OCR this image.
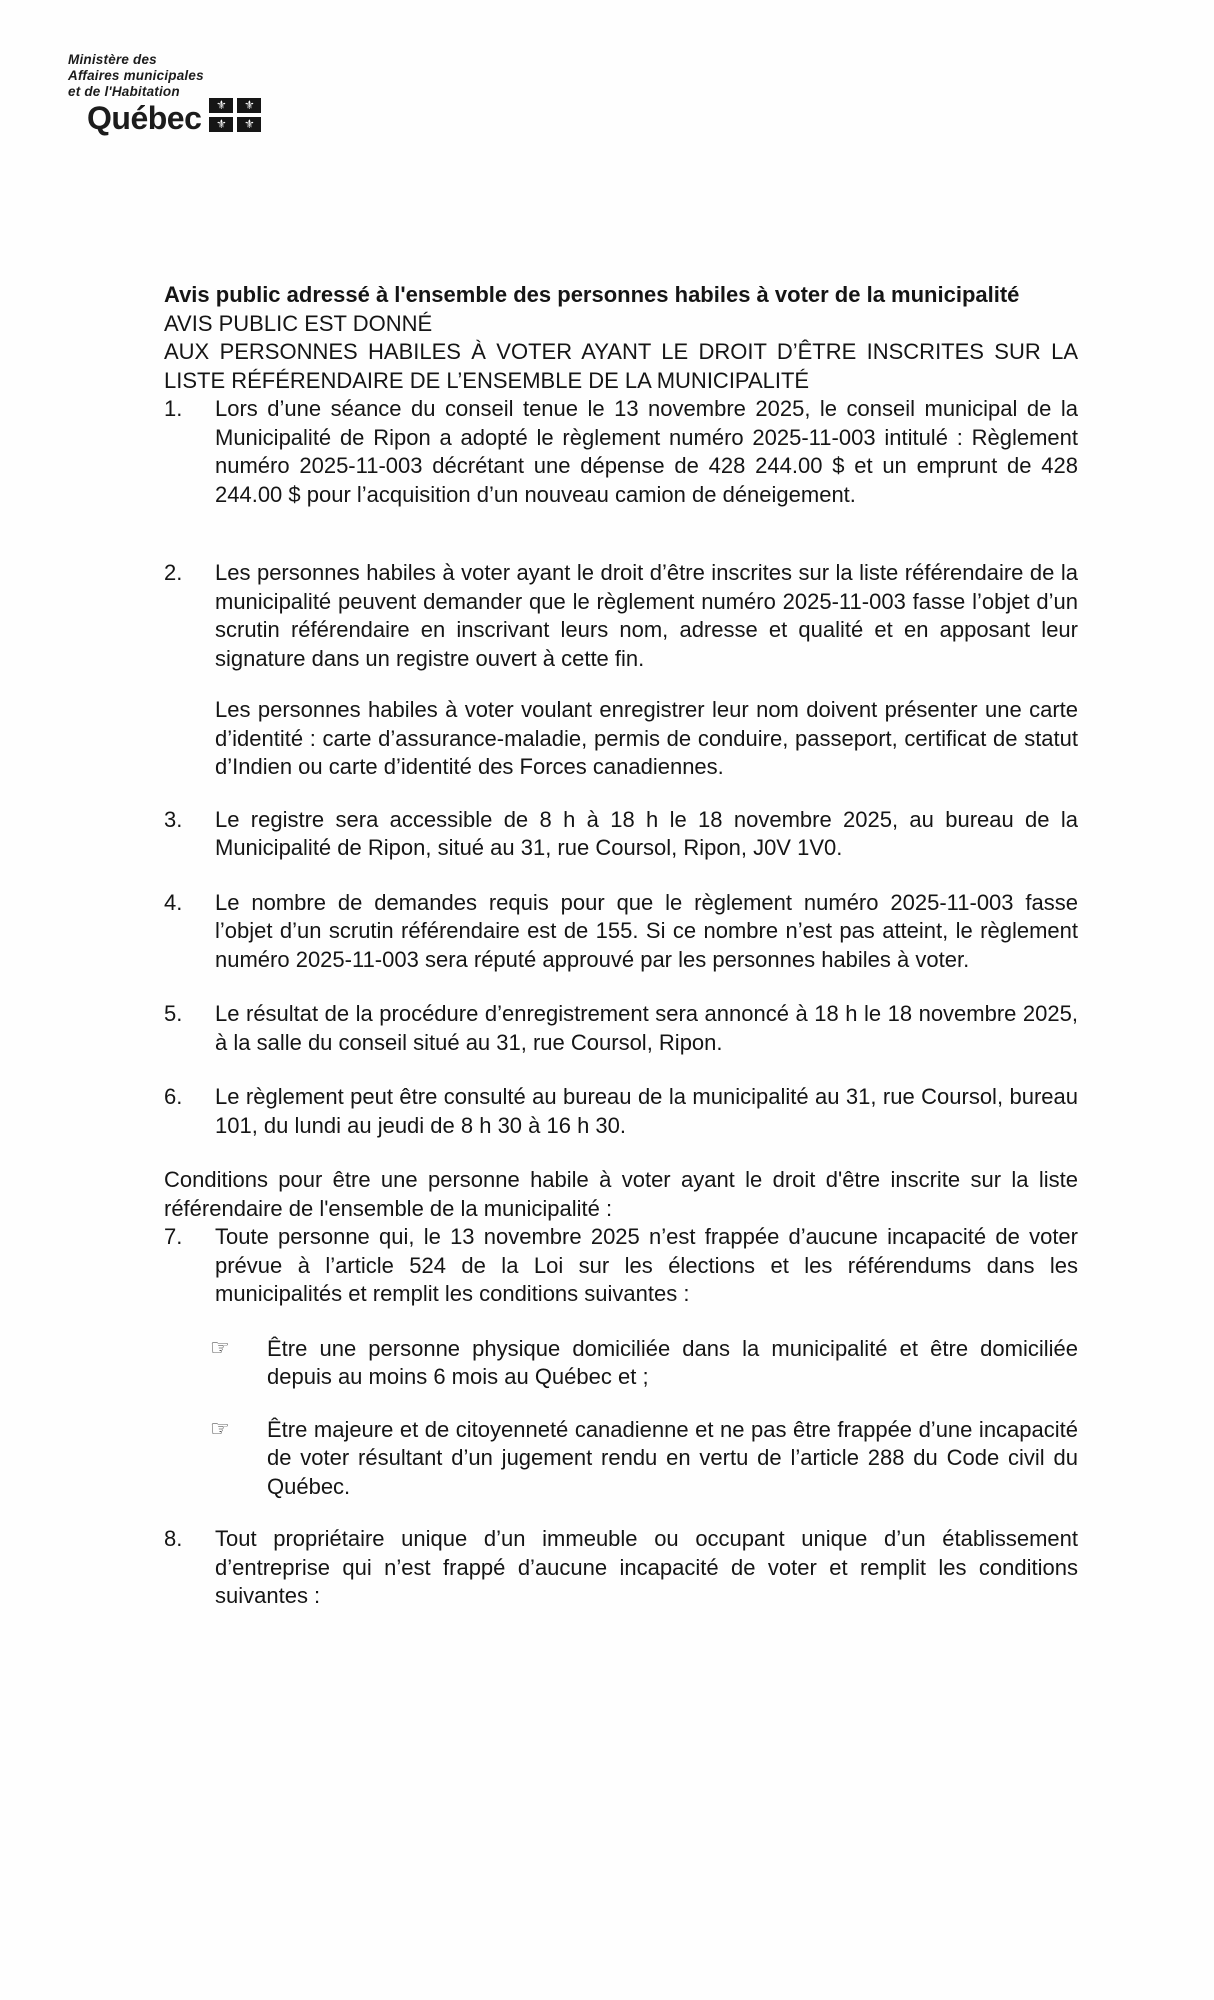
Ministère des
Affaires municipales
et de l'Habitation
Québec	⚜	⚜
⚜	⚜

Avis public adressé à l'ensemble des personnes habiles à voter de la municipalité

AVIS PUBLIC EST DONNÉ

AUX PERSONNES HABILES À VOTER AYANT LE DROIT D’ÊTRE INSCRITES SUR LA LISTE RÉFÉRENDAIRE DE L’ENSEMBLE DE LA MUNICIPALITÉ

1.	Lors d’une séance du conseil tenue le 13 novembre 2025, le conseil municipal de la Municipalité de Ripon a adopté le règlement numéro 2025-11-003 intitulé : Règlement numéro 2025-11-003 décrétant une dépense de 428 244.00 $ et un emprunt de 428 244.00 $ pour l’acquisition d’un nouveau camion de déneigement.

2.	Les personnes habiles à voter ayant le droit d’être inscrites sur la liste référendaire de la municipalité peuvent demander que le règlement numéro 2025-11-003 fasse l’objet d’un scrutin référendaire en inscrivant leurs nom, adresse et qualité et en apposant leur signature dans un registre ouvert à cette fin.

Les personnes habiles à voter voulant enregistrer leur nom doivent présenter une carte d’identité : carte d’assurance-maladie, permis de conduire, passeport, certificat de statut d’Indien ou carte d’identité des Forces canadiennes.

3.	Le registre sera accessible de 8 h à 18 h le 18 novembre 2025, au bureau de la Municipalité de Ripon, situé au 31, rue Coursol, Ripon, J0V 1V0.

4.	Le nombre de demandes requis pour que le règlement numéro 2025-11-003 fasse l’objet d’un scrutin référendaire est de 155. Si ce nombre n’est pas atteint, le règlement numéro 2025-11-003 sera réputé approuvé par les personnes habiles à voter.

5.	Le résultat de la procédure d’enregistrement sera annoncé à 18 h le 18 novembre 2025, à la salle du conseil situé au 31, rue Coursol, Ripon.

6.	Le règlement peut être consulté au bureau de la municipalité au 31, rue Coursol, bureau 101, du lundi au jeudi de 8 h 30 à 16 h 30.

Conditions pour être une personne habile à voter ayant le droit d'être inscrite sur la liste référendaire de l'ensemble de la municipalité :

7.	Toute personne qui, le 13 novembre 2025 n’est frappée d’aucune incapacité de voter prévue à l’article 524 de la Loi sur les élections et les référendums dans les municipalités et remplit les conditions suivantes :

☞	Être une personne physique domiciliée dans la municipalité et être domiciliée depuis au moins 6 mois au Québec et ;

☞	Être majeure et de citoyenneté canadienne et ne pas être frappée d’une incapacité de voter résultant d’un jugement rendu en vertu de l’article 288 du Code civil du Québec.

8.	Tout propriétaire unique d’un immeuble ou occupant unique d’un établissement d’entreprise qui n’est frappé d’aucune incapacité de voter et remplit les conditions suivantes :
